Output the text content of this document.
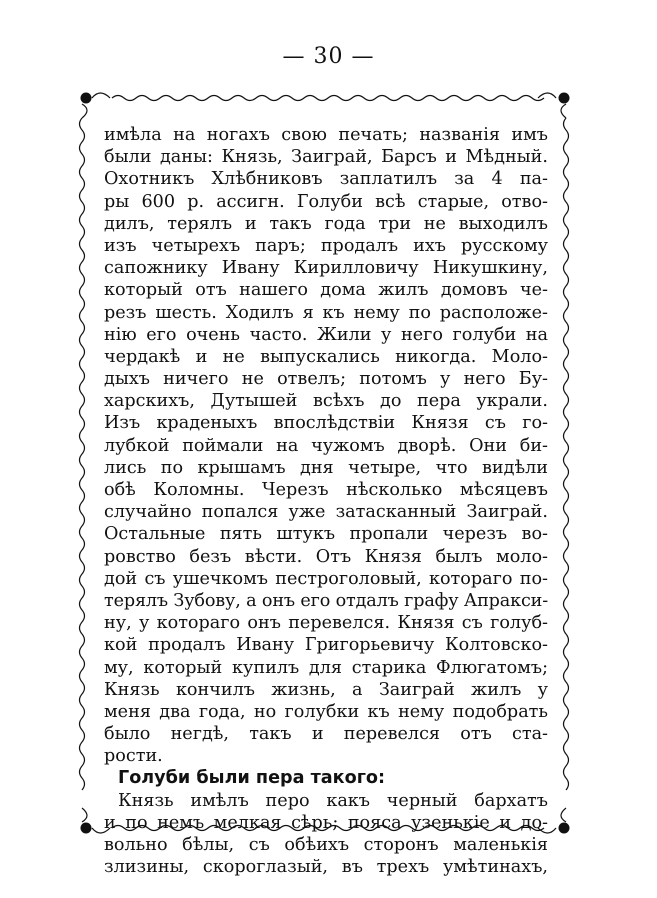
— 30 —
имѣла на ногахъ свою печать; названія имъ
были даны: Князь, Заиграй, Барсъ и Мѣдный.
Охотникъ Хлѣбниковъ заплатилъ за 4 па-
ры 600 р. ассигн. Голуби всѣ старые, отво-
дилъ, терялъ и такъ года три не выходилъ
изъ четырехъ паръ; продалъ ихъ русскому
сапожнику Ивану Кирилловичу Никушкину,
который отъ нашего дома жилъ домовъ че-
резъ шесть. Ходилъ я къ нему по расположе-
нію его очень часто. Жили у него голуби на
чердакѣ и не выпускались никогда. Моло-
дыхъ ничего не отвелъ; потомъ у него Бу-
харскихъ, Дутышей всѣхъ до пера украли.
Изъ краденыхъ впослѣдствіи Князя съ го-
лубкой поймали на чужомъ дворѣ. Они би-
лись по крышамъ дня четыре, что видѣли
обѣ Коломны. Черезъ нѣсколько мѣсяцевъ
случайно попался уже затасканный Заиграй.
Остальные пять штукъ пропали черезъ во-
ровство безъ вѣсти. Отъ Князя былъ моло-
дой съ ушечкомъ пестроголовый, котораго по-
терялъ Зубову, а онъ его отдалъ графу Апракси-
ну, у котораго онъ перевелся. Князя съ голуб-
кой продалъ Ивану Григорьевичу Колтовско-
му, который купилъ для старика Флюгатомъ;
Князь кончилъ жизнь, а Заиграй жилъ у
меня два года, но голубки къ нему подобрать
было негдѣ, такъ и перевелся отъ ста-
рости.
Голуби были пера такого:
Князь имѣлъ перо какъ черный бархатъ
и по немъ мелкая сѣрь; пояса узенькіе и до-
вольно бѣлы, съ обѣихъ сторонъ маленькія
злизины, скороглазый, въ трехъ умѣтинахъ,
